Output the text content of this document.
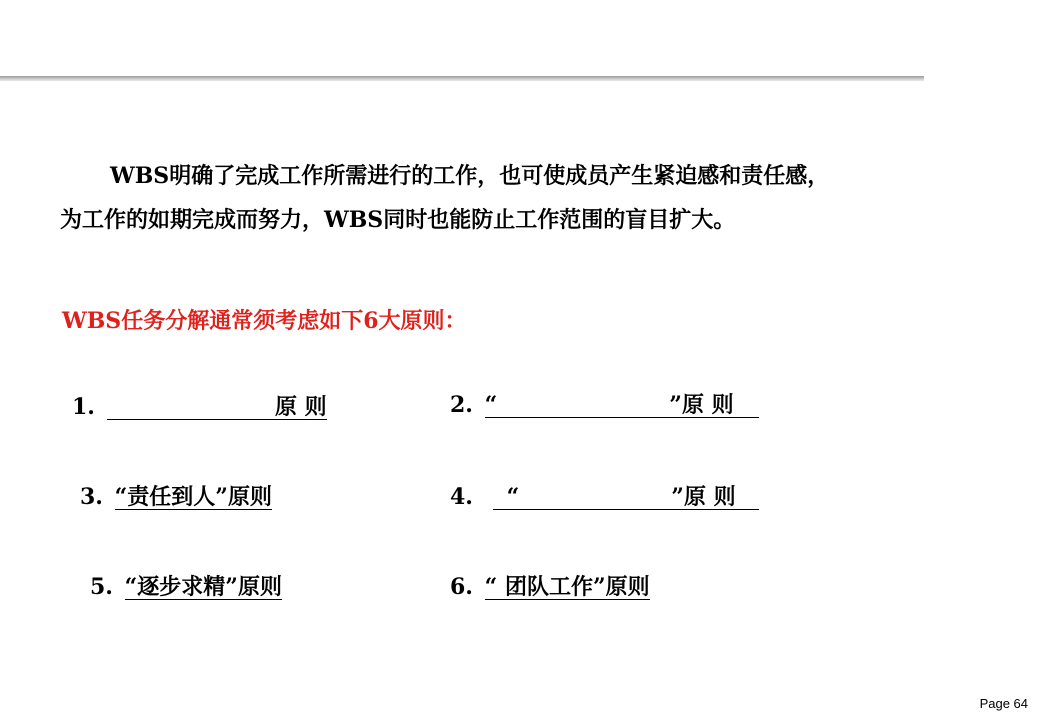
WBS明确了完成工作所需进行的工作，也可使成员产生紧迫感和责任感，
为工作的如期完成而努力，WBS同时也能防止工作范围的盲目扩大。
WBS任务分解通常须考虑如下6大原则：
1.	原 则	2. “	”原 则
3. “责任到人”原则	4. “	”原 则
5. “逐步求精”原则	6. “ 团队工作”原则
Page 64
